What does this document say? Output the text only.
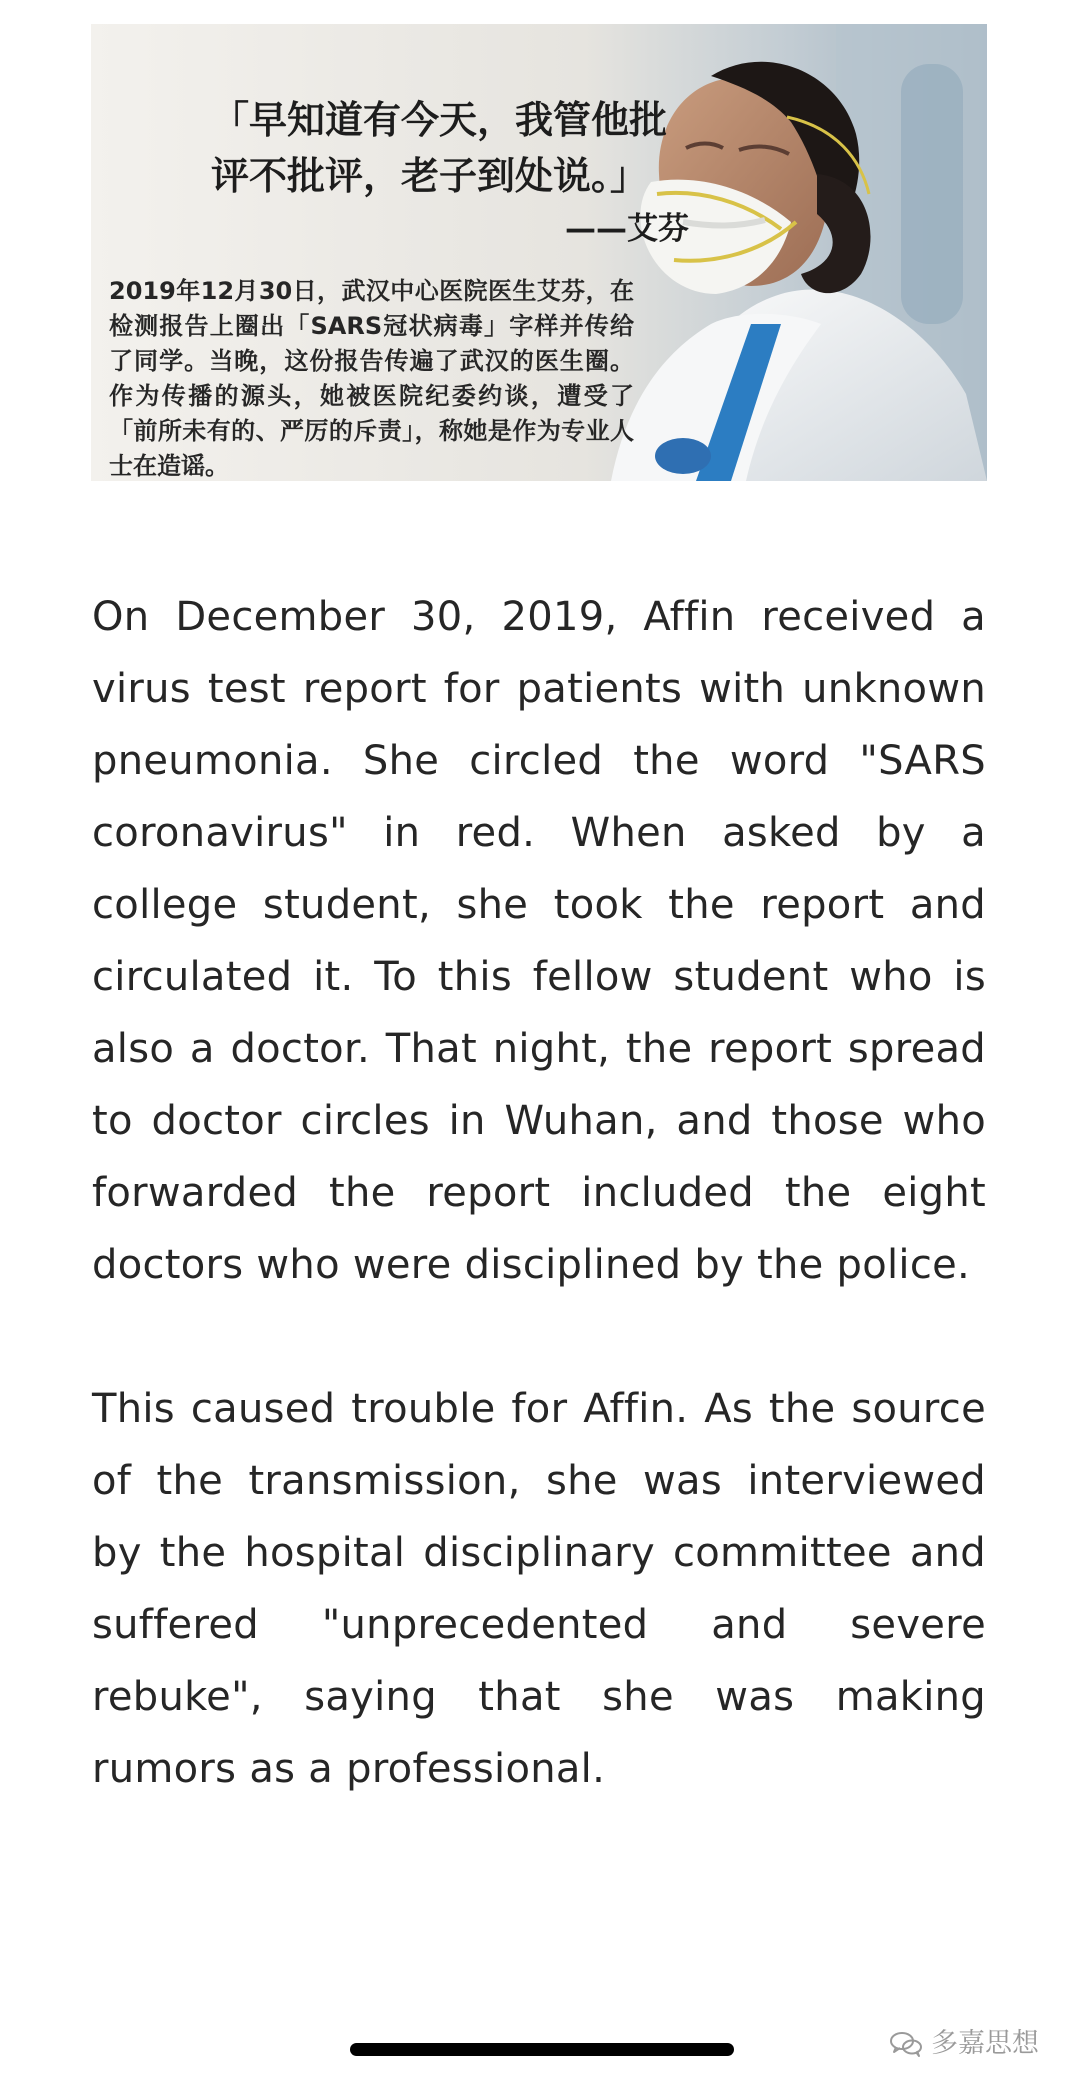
「早知道有今天，我管他批评不批评，老子到处说。」
——艾芬
2019年12月30日，武汉中心医院医生艾芬，在检测报告上圈出「SARS冠状病毒」字样并传给了同学。当晚，这份报告传遍了武汉的医生圈。作为传播的源头，她被医院纪委约谈，遭受了「前所未有的、严厉的斥责」，称她是作为专业人士在造谣。

On December 30, 2019, Affin received a virus test report for patients with unknown pneumonia. She circled the word "SARS coronavirus" in red. When asked by a college student, she took the report and circulated it. To this fellow student who is also a doctor. That night, the report spread to doctor circles in Wuhan, and those who forwarded the report included the eight doctors who were disciplined by the police.

This caused trouble for Affin. As the source of the transmission, she was interviewed by the hospital disciplinary committee and suffered "unprecedented and severe rebuke", saying that she was making rumors as a professional.

多嘉思想
